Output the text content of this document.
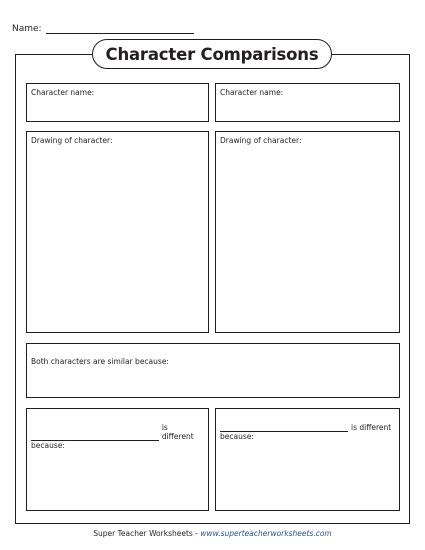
Name:
Character Comparisons
Character name:	Character name:
Drawing of character:	Drawing of character:
Both characters are similar because:
is different
because:
is different
because:
Super Teacher Worksheets - www.superteacherworksheets.com
